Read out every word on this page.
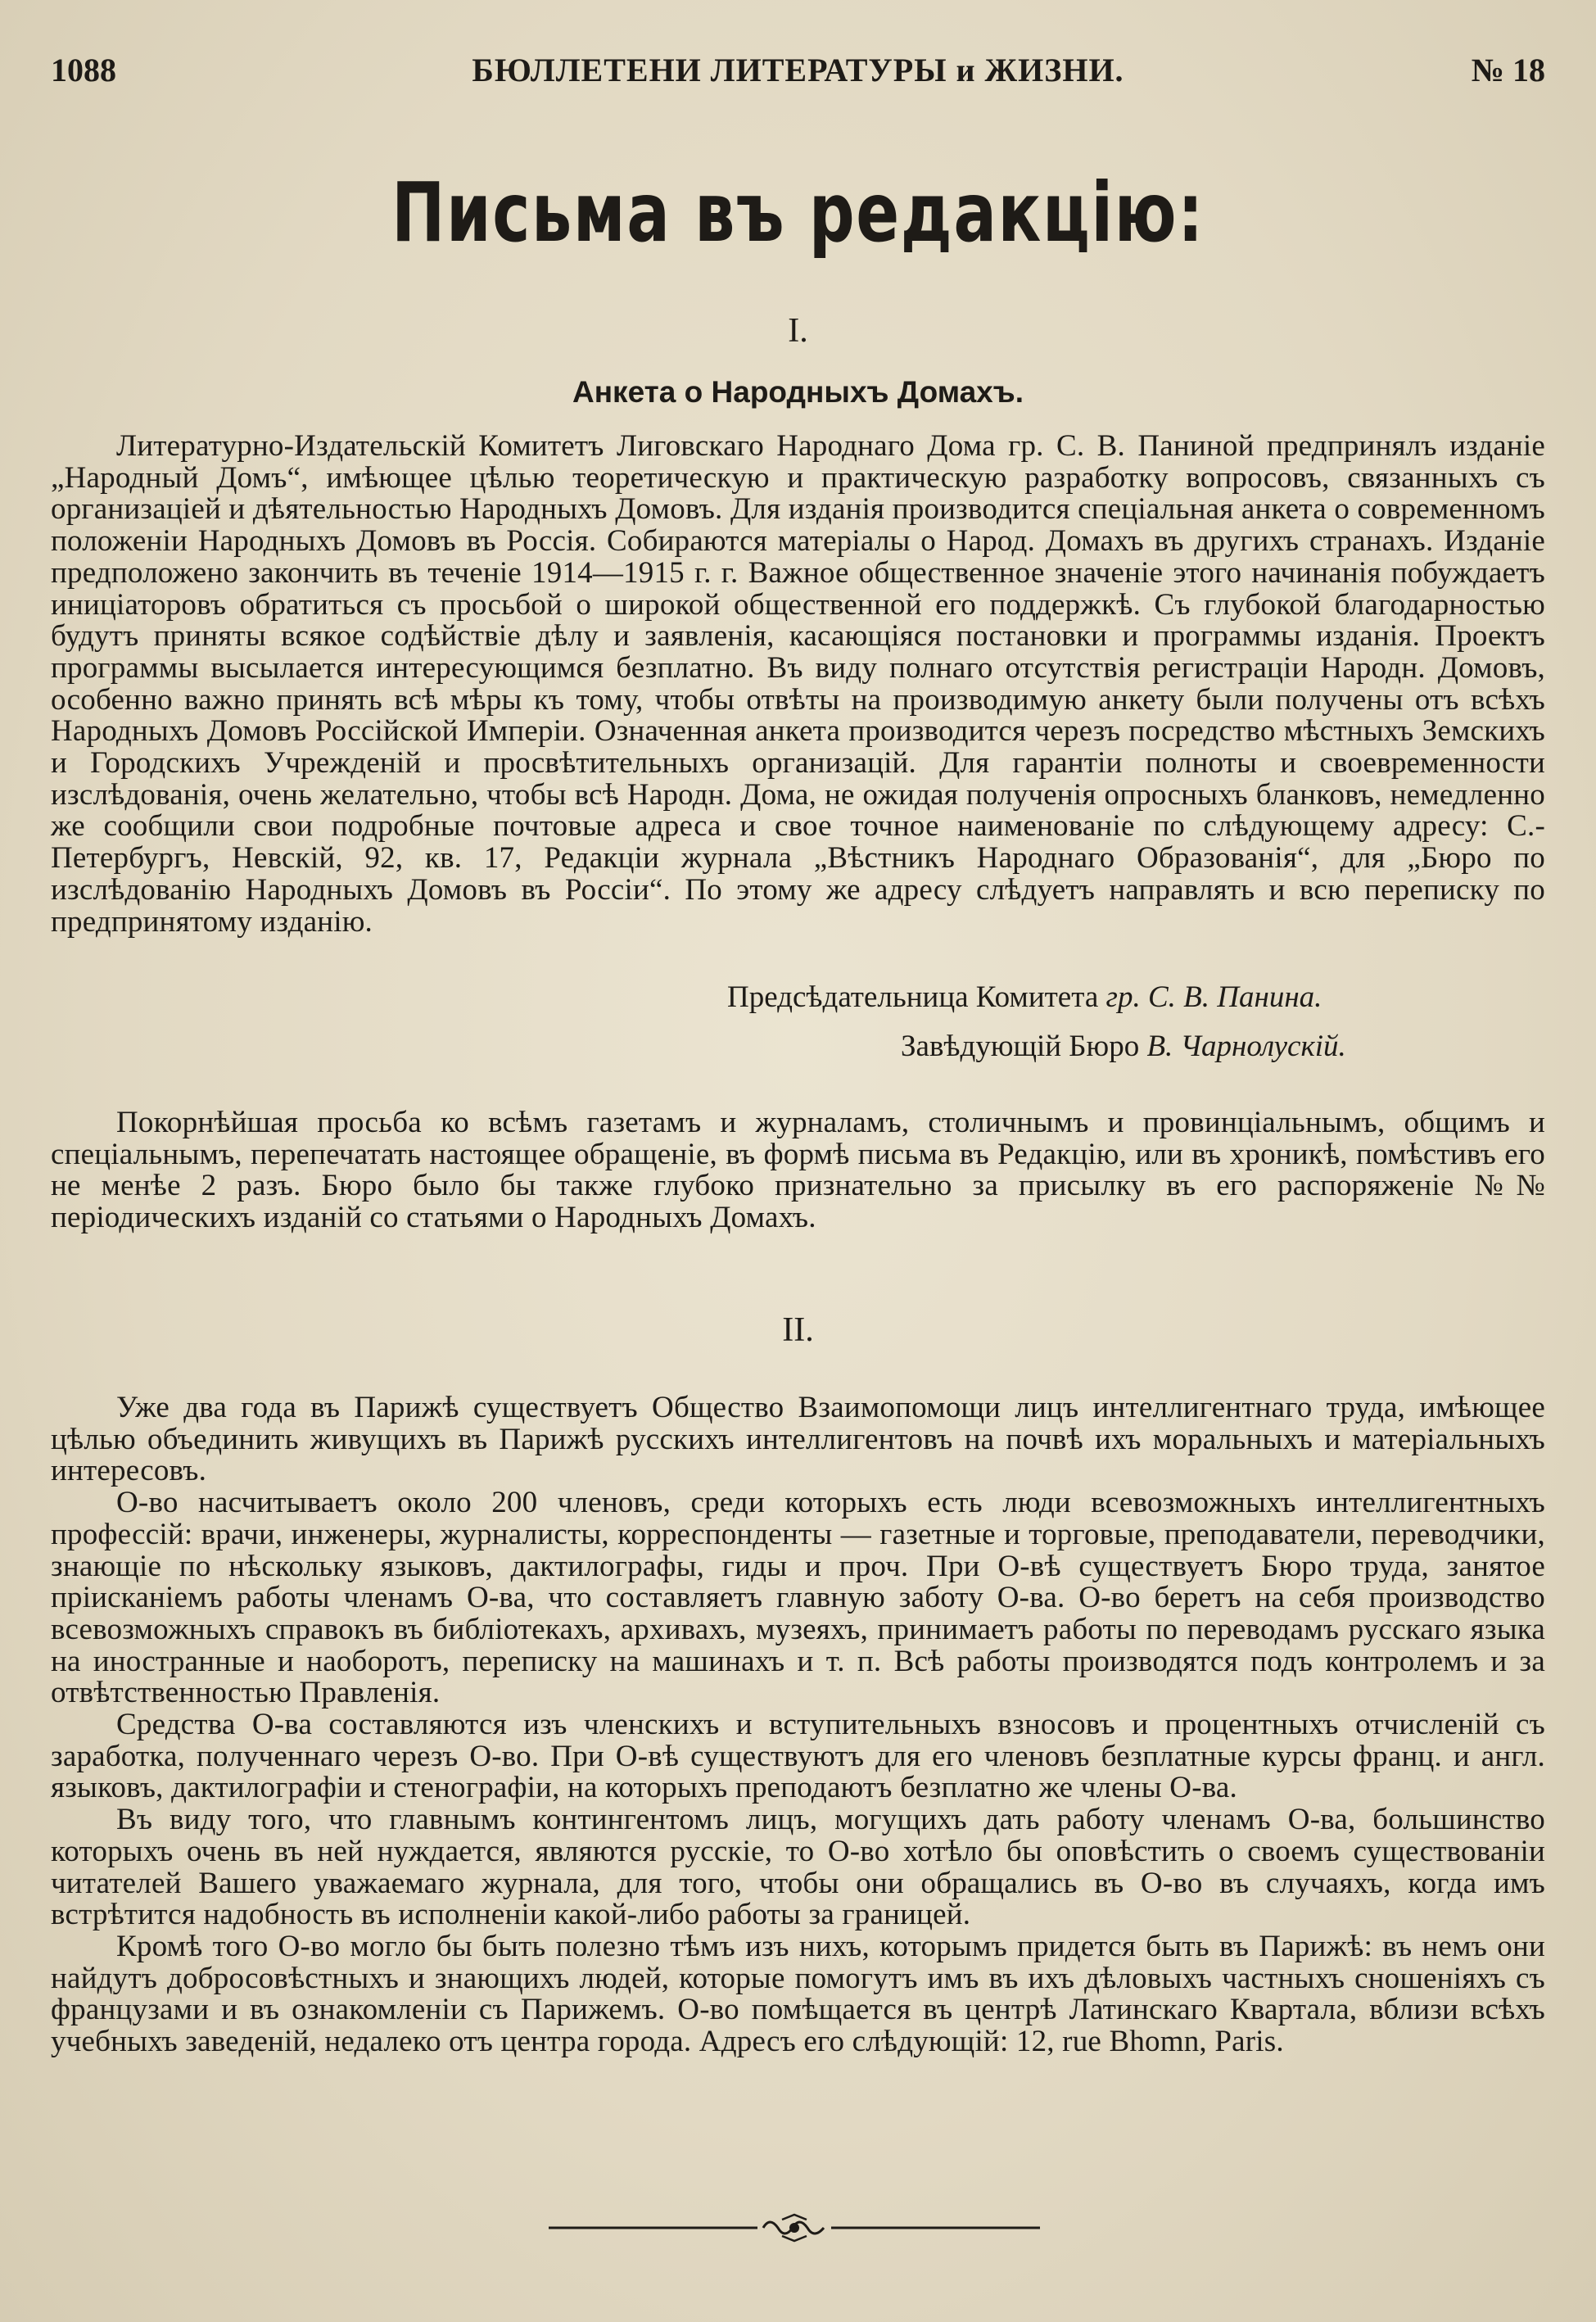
1088	БЮЛЛЕТЕНИ ЛИТЕРАТУРЫ и ЖИЗНИ.	№ 18
Письма въ редакцію:
I.
Анкета о Народныхъ Домахъ.

Литературно-Издательскій Комитетъ Лиговскаго Народнаго Дома гр. С. В. Паниной предпринялъ изданіе „Народный Домъ“, имѣющее цѣлью теоретическую и практическую разработку вопросовъ, связанныхъ съ организаціей и дѣятельностью Народныхъ Домовъ. Для изданія производится спеціальная анкета о современномъ положеніи Народныхъ Домовъ въ Россія. Собираются матеріалы о Народ. Домахъ въ другихъ странахъ. Изданіе предположено закончить въ теченіе 1914—1915 г. г. Важное общественное значеніе этого начинанія побуждаетъ иниціаторовъ обратиться съ просьбой о широкой общественной его поддержкѣ. Съ глубокой благодарностью будутъ приняты всякое содѣйствіе дѣлу и заявленія, касающіяся постановки и программы изданія. Проектъ программы высылается интересующимся безплатно. Въ виду полнаго отсутствія регистраціи Народн. Домовъ, особенно важно принять всѣ мѣры къ тому, чтобы отвѣты на производимую анкету были получены отъ всѣхъ Народныхъ Домовъ Россійской Имперіи. Означенная анкета производится черезъ посредство мѣстныхъ Земскихъ и Городскихъ Учрежденій и просвѣтительныхъ организацій. Для гарантіи полноты и своевременности изслѣдованія, очень желательно, чтобы всѣ Народн. Дома, не ожидая полученія опросныхъ бланковъ, немедленно же сообщили свои подробные почтовые адреса и свое точное наименованіе по слѣдующему адресу: С.-Петербургъ, Невскій, 92, кв. 17, Редакціи журнала „Вѣстникъ Народнаго Образованія“, для „Бюро по изслѣдованію Народныхъ Домовъ въ Россіи“. По этому же адресу слѣдуетъ направлять и всю переписку по предпринятому изданію.

Предсѣдательница Комитета гр. С. В. Панина.
Завѣдующій Бюро В. Чарнолускій.

Покорнѣйшая просьба ко всѣмъ газетамъ и журналамъ, столичнымъ и провинціальнымъ, общимъ и спеціальнымъ, перепечатать настоящее обращеніе, въ формѣ письма въ Редакцію, или въ хроникѣ, помѣстивъ его не менѣе 2 разъ. Бюро было бы также глубоко признательно за присылку въ его распоряженіе №№ періодическихъ изданій со статьями о Народныхъ Домахъ.

II.

Уже два года въ Парижѣ существуетъ Общество Взаимопомощи лицъ интеллигентнаго труда, имѣющее цѣлью объединить живущихъ въ Парижѣ русскихъ интеллигентовъ на почвѣ ихъ моральныхъ и матеріальныхъ интересовъ.

О-во насчитываетъ около 200 членовъ, среди которыхъ есть люди всевозможныхъ интеллигентныхъ профессій: врачи, инженеры, журналисты, корреспонденты — газетные и торговые, преподаватели, переводчики, знающіе по нѣскольку языковъ, дактилографы, гиды и проч. При О-вѣ существуетъ Бюро труда, занятое пріисканіемъ работы членамъ О-ва, что составляетъ главную заботу О-ва. О-во беретъ на себя производство всевозможныхъ справокъ въ библіотекахъ, архивахъ, музеяхъ, принимаетъ работы по переводамъ русскаго языка на иностранные и наоборотъ, переписку на машинахъ и т. п. Всѣ работы производятся подъ контролемъ и за отвѣтственностью Правленія.

Средства О-ва составляются изъ членскихъ и вступительныхъ взносовъ и процентныхъ отчисленій съ заработка, полученнаго черезъ О-во. При О-вѣ существуютъ для его членовъ безплатные курсы франц. и англ. языковъ, дактилографіи и стенографіи, на которыхъ преподаютъ безплатно же члены О-ва.

Въ виду того, что главнымъ контингентомъ лицъ, могущихъ дать работу членамъ О-ва, большинство которыхъ очень въ ней нуждается, являются русскіе, то О-во хотѣло бы оповѣстить о своемъ существованіи читателей Вашего уважаемаго журнала, для того, чтобы они обращались въ О-во въ случаяхъ, когда имъ встрѣтится надобность въ исполненіи какой-либо работы за границей.

Кромѣ того О-во могло бы быть полезно тѣмъ изъ нихъ, которымъ придется быть въ Парижѣ: въ немъ они найдутъ добросовѣстныхъ и знающихъ людей, которые помогутъ имъ въ ихъ дѣловыхъ частныхъ сношеніяхъ съ французами и въ ознакомленіи съ Парижемъ. О-во помѣщается въ центрѣ Латинскаго Квартала, вблизи всѣхъ учебныхъ заведеній, недалеко отъ центра города. Адресъ его слѣдующій: 12, rue Bhomn, Paris.
